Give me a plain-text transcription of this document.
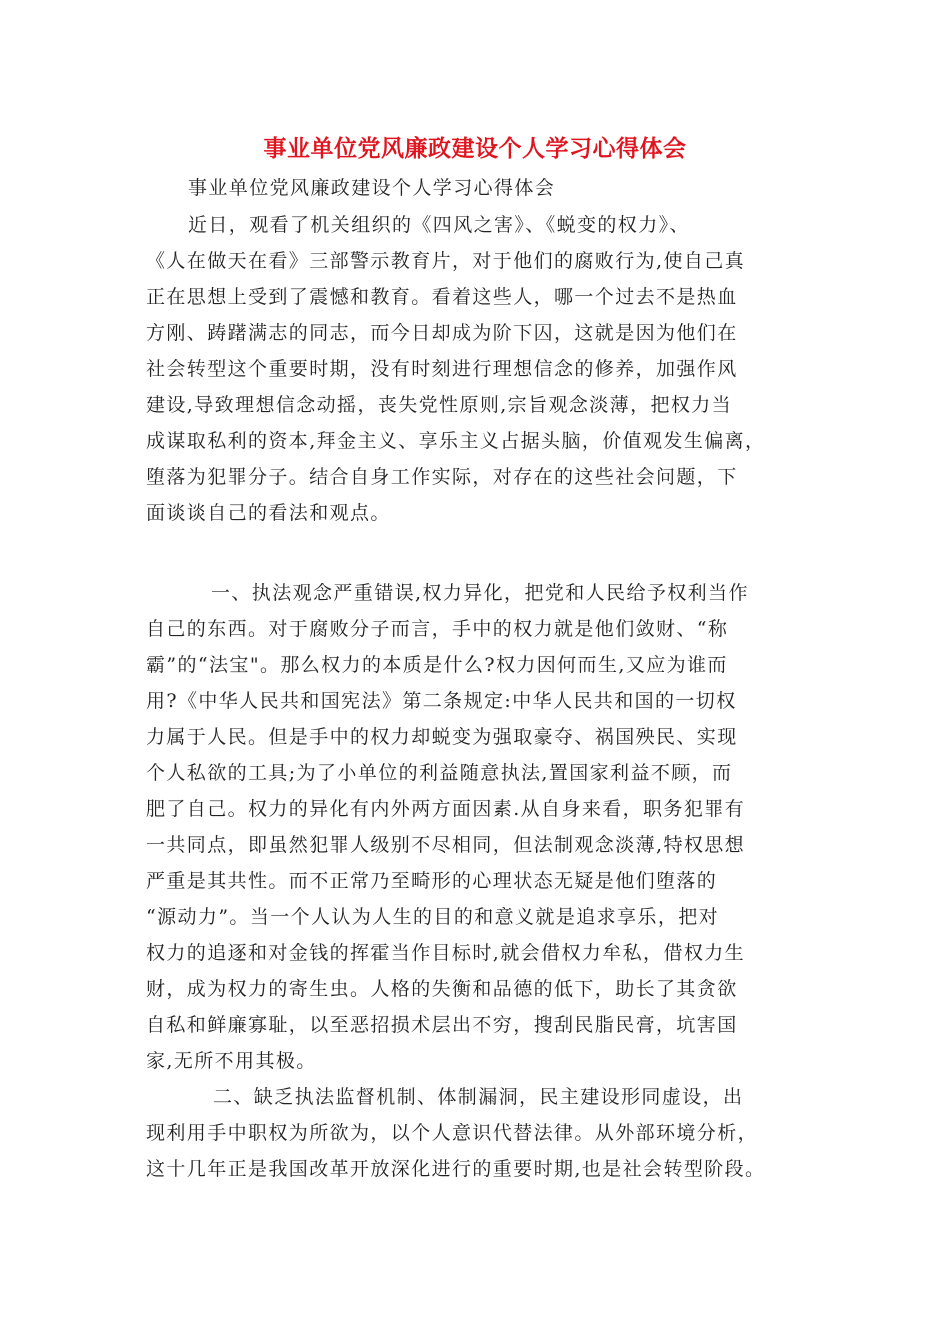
事业单位党风廉政建设个人学习心得体会

事业单位党风廉政建设个人学习心得体会

近日，观看了机关组织的《四风之害》、《蜕变的权力》、

《人在做天在看》三部警示教育片，对于他们的腐败行为,使自己真

正在思想上受到了震憾和教育。看着这些人，哪一个过去不是热血

方刚、踌躇满志的同志，而今日却成为阶下囚，这就是因为他们在

社会转型这个重要时期，没有时刻进行理想信念的修养，加强作风

建设,导致理想信念动摇，丧失党性原则,宗旨观念淡薄，把权力当

成谋取私利的资本,拜金主义、享乐主义占据头脑，价值观发生偏离，

堕落为犯罪分子。结合自身工作实际，对存在的这些社会问题，下

面谈谈自己的看法和观点。

一、执法观念严重错误,权力异化，把党和人民给予权利当作

自己的东西。对于腐败分子而言，手中的权力就是他们敛财、“称

霸”的“法宝"。那么权力的本质是什么?权力因何而生,又应为谁而

用?《中华人民共和国宪法》第二条规定:中华人民共和国的一切权

力属于人民。但是手中的权力却蜕变为强取豪夺、祸国殃民、实现

个人私欲的工具;为了小单位的利益随意执法,置国家利益不顾，而

肥了自己。权力的异化有内外两方面因素.从自身来看，职务犯罪有

一共同点，即虽然犯罪人级别不尽相同，但法制观念淡薄,特权思想

严重是其共性。而不正常乃至畸形的心理状态无疑是他们堕落的

“源动力”。当一个人认为人生的目的和意义就是追求享乐，把对

权力的追逐和对金钱的挥霍当作目标时,就会借权力牟私，借权力生

财，成为权力的寄生虫。人格的失衡和品德的低下，助长了其贪欲

自私和鲜廉寡耻，以至恶招损术层出不穷，搜刮民脂民膏，坑害国

家,无所不用其极。

二、缺乏执法监督机制、体制漏洞，民主建设形同虚设，出

现利用手中职权为所欲为，以个人意识代替法律。从外部环境分析，

这十几年正是我国改革开放深化进行的重要时期,也是社会转型阶段。
